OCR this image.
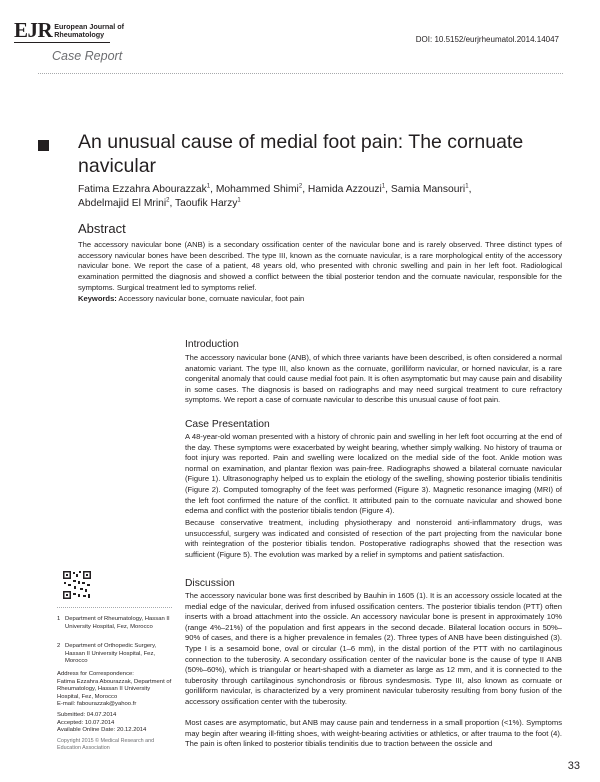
EJR European Journal of
Rheumatology
DOI: 10.5152/eurjrheumatol.2014.14047
Case Report
An unusual cause of medial foot pain: The cornuate
navicular
Fatima Ezzahra Abourazzak$^1$, Mohammed Shimi$^2$, Hamida Azzouzi$^1$, Samia Mansouri$^1$,
Abdelmajid El Mrini$^2$, Taoufik Harzy$^1$
Abstract
The accessory navicular bone (ANB) is a secondary ossification center of the navicular bone and is rarely observed. Three distinct types of accessory navicular bones have been described. The type III, known as the cornuate navicular, is a rare morphological entity of the accessory navicular bone. We report the case of a patient, 48 years old, who presented with chronic swelling and pain in her left foot. Radiological examination permitted the diagnosis and showed a conflict between the tibial posterior tendon and the cornuate navicular, responsible for the symptoms. Surgical treatment led to symptoms relief.
Keywords: Accessory navicular bone, cornuate navicular, foot pain
Introduction
The accessory navicular bone (ANB), of which three variants have been described, is often considered a normal anatomic variant. The type III, also known as the cornuate, gorilliform navicular, or horned navicular, is a rare congenital anomaly that could cause medial foot pain. It is often asymptomatic but may cause pain and disability in some cases. The diagnosis is based on radiographs and may need surgical treatment to cure refractory symptoms. We report a case of cornuate navicular to describe this unusual cause of foot pain.
Case Presentation
A 48-year-old woman presented with a history of chronic pain and swelling in her left foot occurring at the end of the day. These symptoms were exacerbated by weight bearing, whether simply walking. No history of trauma or foot injury was reported. Pain and swelling were localized on the medial side of the foot. Ankle motion was normal on examination, and plantar flexion was pain-free. Radiographs showed a bilateral cornuate navicular (Figure 1). Ultrasonography helped us to explain the etiology of the swelling, showing posterior tibialis tendinitis (Figure 2). Computed tomography of the feet was performed (Figure 3). Magnetic resonance imaging (MRI) of the left foot confirmed the nature of the conflict. It attributed pain to the cornuate navicular and showed bone edema and conflict with the posterior tibialis tendon (Figure 4).
Because conservative treatment, including physiotherapy and nonsteroid anti-inflammatory drugs, was unsuccessful, surgery was indicated and consisted of resection of the part projecting from the navicular bone with reintegration of the posterior tibialis tendon. Postoperative radiographs showed that the resection was sufficient (Figure 5). The evolution was marked by a relief in symptoms and patient satisfaction.
Discussion
The accessory navicular bone was first described by Bauhin in 1605 (1). It is an accessory ossicle located at the medial edge of the navicular, derived from infused ossification centers. The posterior tibialis tendon (PTT) often inserts with a broad attachment into the ossicle. An accessory navicular bone is present in approximately 10% (range 4%–21%) of the population and first appears in the second decade. Bilateral location occurs in 50%–90% of cases, and there is a higher prevalence in females (2). Three types of ANB have been distinguished (3). Type I is a sesamoid bone, oval or circular (1–6 mm), in the distal portion of the PTT with no cartilaginous connection to the tuberosity. A secondary ossification center of the navicular bone is the cause of type II ANB (50%–60%), which is triangular or heart-shaped with a diameter as large as 12 mm, and it is connected to the tuberosity through cartilaginous synchondrosis or fibrous syndesmosis. Type III, also known as cornuate or gorilliform navicular, is characterized by a very prominent navicular tuberosity resulting from bony fusion of the accessory ossification center with the tuberosity.
Most cases are asymptomatic, but ANB may cause pain and tenderness in a small proportion (<1%). Symptoms may begin after wearing ill-fitting shoes, with weight-bearing activities or athletics, or after trauma to the foot (4). The pain is often linked to posterior tibialis tendinitis due to traction between the ossicle and
1 Department of Rheumatology, Hassan II University Hospital, Fez, Morocco
2 Department of Orthopedic Surgery, Hassan II University Hospital, Fez, Morocco
Address for Correspondence:
Fatima Ezzahra Abourazzak, Department of Rheumatology, Hassan II University Hospital, Fez, Morocco
E-mail: fabourazzak@yahoo.fr
Submitted: 04.07.2014
Accepted: 10.07.2014
Available Online Date: 20.12.2014
Copyright 2015 © Medical Research and Education Association
33
